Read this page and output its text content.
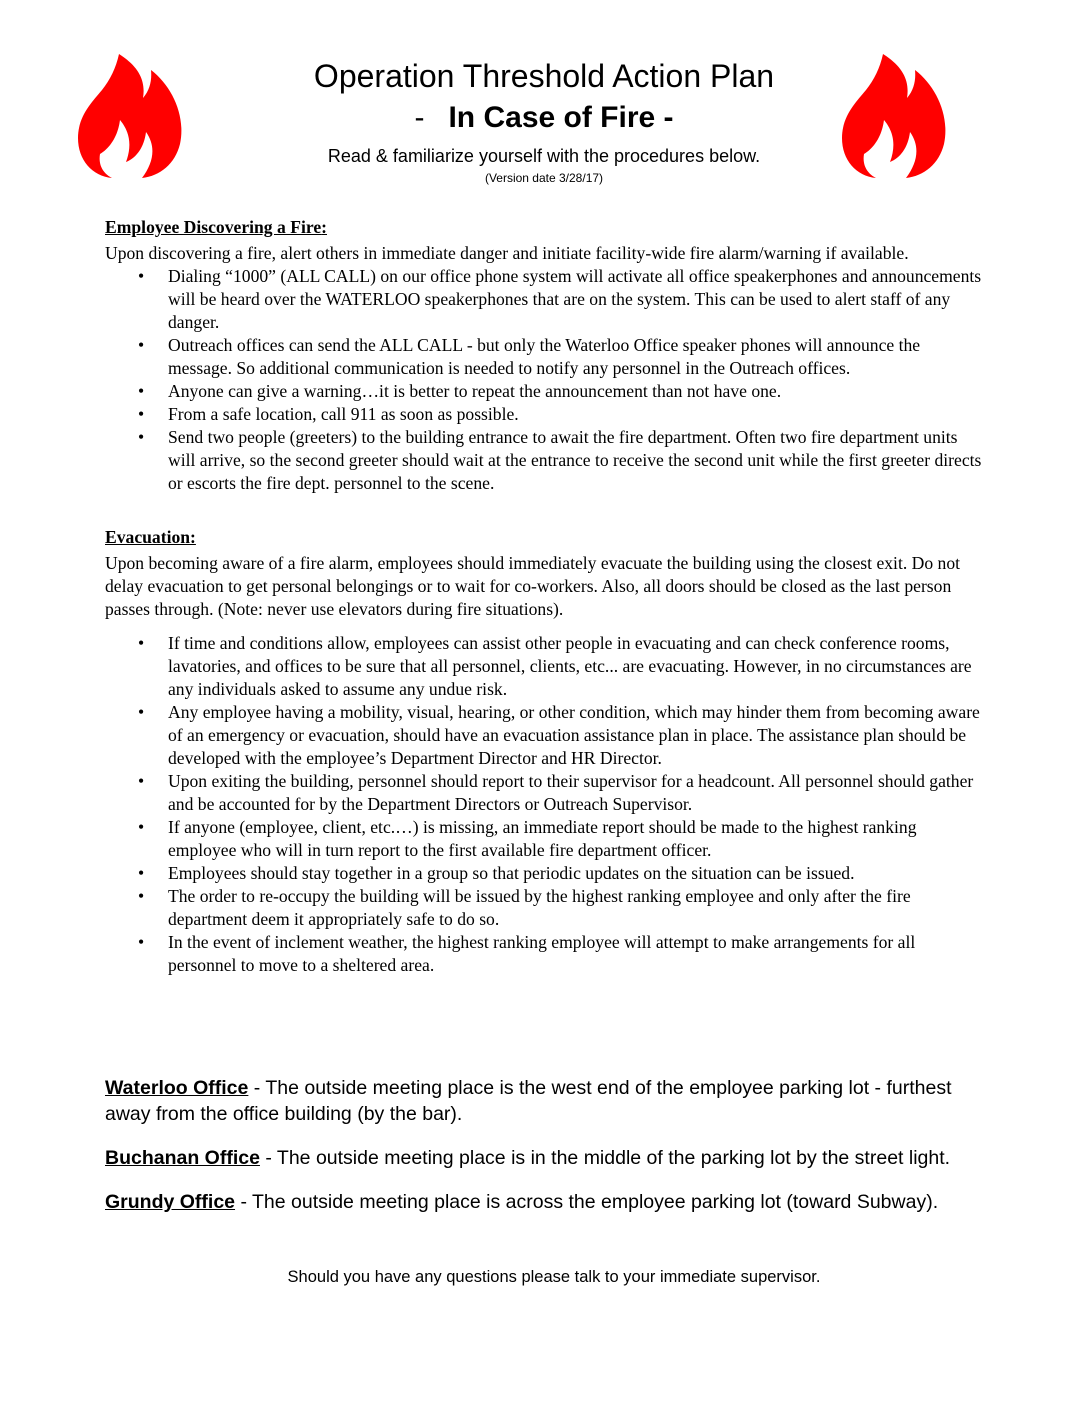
Operation Threshold Action Plan
- In Case of Fire -
Read & familiarize yourself with the procedures below.
(Version date 3/28/17)

Employee Discovering a Fire:

Upon discovering a fire, alert others in immediate danger and initiate facility-wide fire alarm/warning if available.

• Dialing “1000” (ALL CALL) on our office phone system will activate all office speakerphones and announcements will be heard over the WATERLOO speakerphones that are on the system. This can be used to alert staff of any danger.
• Outreach offices can send the ALL CALL - but only the Waterloo Office speaker phones will announce the message. So additional communication is needed to notify any personnel in the Outreach offices.
• Anyone can give a warning…it is better to repeat the announcement than not have one.
• From a safe location, call 911 as soon as possible.
• Send two people (greeters) to the building entrance to await the fire department. Often two fire department units will arrive, so the second greeter should wait at the entrance to receive the second unit while the first greeter directs or escorts the fire dept. personnel to the scene.

Evacuation:

Upon becoming aware of a fire alarm, employees should immediately evacuate the building using the closest exit. Do not delay evacuation to get personal belongings or to wait for co-workers. Also, all doors should be closed as the last person passes through. (Note: never use elevators during fire situations).

• If time and conditions allow, employees can assist other people in evacuating and can check conference rooms, lavatories, and offices to be sure that all personnel, clients, etc... are evacuating. However, in no circumstances are any individuals asked to assume any undue risk.
• Any employee having a mobility, visual, hearing, or other condition, which may hinder them from becoming aware of an emergency or evacuation, should have an evacuation assistance plan in place. The assistance plan should be developed with the employee’s Department Director and HR Director.
• Upon exiting the building, personnel should report to their supervisor for a headcount. All personnel should gather and be accounted for by the Department Directors or Outreach Supervisor.
• If anyone (employee, client, etc.…) is missing, an immediate report should be made to the highest ranking employee who will in turn report to the first available fire department officer.
• Employees should stay together in a group so that periodic updates on the situation can be issued.
• The order to re-occupy the building will be issued by the highest ranking employee and only after the fire department deem it appropriately safe to do so.
• In the event of inclement weather, the highest ranking employee will attempt to make arrangements for all personnel to move to a sheltered area.

Waterloo Office - The outside meeting place is the west end of the employee parking lot - furthest away from the office building (by the bar).

Buchanan Office - The outside meeting place is in the middle of the parking lot by the street light.

Grundy Office - The outside meeting place is across the employee parking lot (toward Subway).

Should you have any questions please talk to your immediate supervisor.
